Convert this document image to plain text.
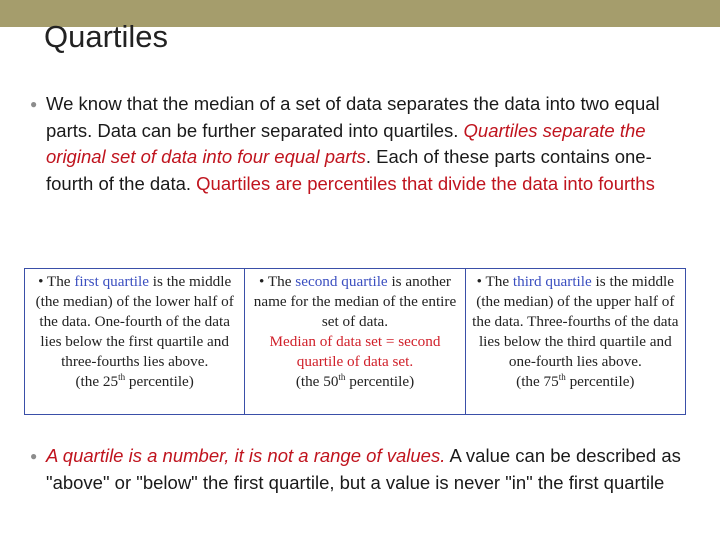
Quartiles
● We know that the median of a set of data separates the data into two equal parts. Data can be further separated into quartiles. Quartiles separate the original set of data into four equal parts. Each of these parts contains one-fourth of the data. Quartiles are percentiles that divide the data into fourths
• The first quartile is the middle (the median) of the lower half of the data. One-fourth of the data lies below the first quartile and three-fourths lies above.
(the 25th percentile)
• The second quartile is another name for the median of the entire set of data.
Median of data set = second quartile of data set.
(the 50th percentile)
• The third quartile is the middle (the median) of the upper half of the data. Three-fourths of the data lies below the third quartile and one-fourth lies above.
(the 75th percentile)
● A quartile is a number, it is not a range of values. A value can be described as "above" or "below" the first quartile, but a value is never "in" the first quartile
